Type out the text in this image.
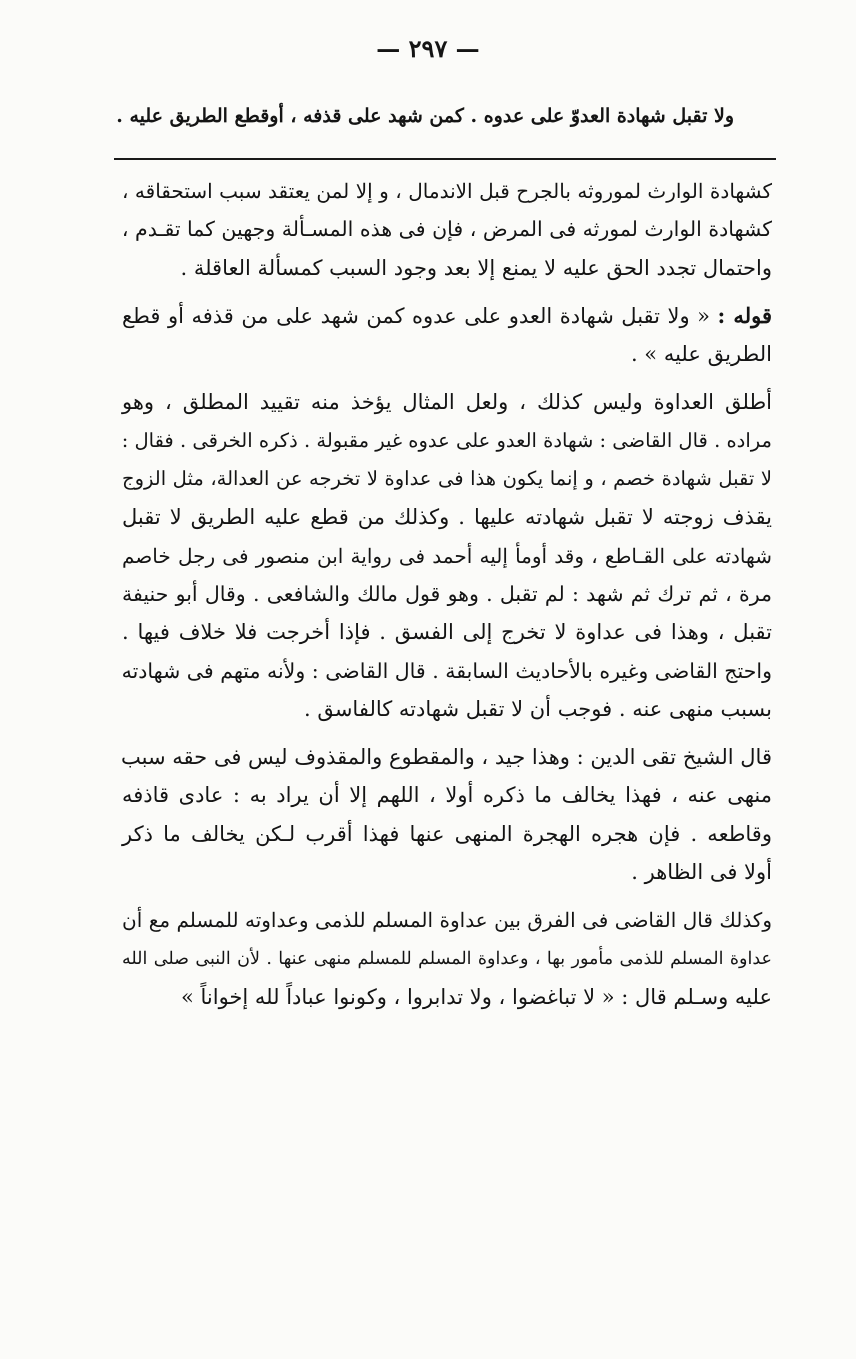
— ٢٩٧ —
ولا تقبل شهادة العدوّ على عدوه . كمن شهد على قذفه ، أوقطع الطريق عليه .

كشهادة الوارث لموروثه بالجرح قبل الاندمال ، و إلا لمن يعتقد سبب استحقاقه ،
كشهادة الوارث لمورثه فى المرض ، فإن فى هذه المسـألة وجهين كما تقـدم ،
واحتمال تجدد الحق عليه لا يمنع إلا بعد وجود السبب كمسألة العاقلة .

قوله : « ولا تقبل شهادة العدو على عدوه كمن شهد على من قذفه أو قطع
الطريق عليه » .

أطلق العداوة وليس كذلك ، ولعل المثال يؤخذ منه تقييد المطلق ، وهو
مراده . قال القاضى : شهادة العدو على عدوه غير مقبولة . ذكره الخرقى . فقال :
لا تقبل شهادة خصم ، و إنما يكون هذا فى عداوة لا تخرجه عن العدالة، مثل الزوج
يقذف زوجته لا تقبل شهادته عليها . وكذلك من قطع عليه الطريق لا تقبل
شهادته على القـاطع ، وقد أومأ إليه أحمد فى رواية ابن منصور فى رجل خاصم
مرة ، ثم ترك ثم شهد : لم تقبل . وهو قول مالك والشافعى . وقال أبو حنيفة
تقبل ، وهذا فى عداوة لا تخرج إلى الفسق . فإذا أخرجت فلا خلاف فيها .
واحتج القاضى وغيره بالأحاديث السابقة . قال القاضى : ولأنه متهم فى شهادته
بسبب منهى عنه . فوجب أن لا تقبل شهادته كالفاسق .

قال الشيخ تقى الدين : وهذا جيد ، والمقطوع والمقذوف ليس فى حقه سبب
منهى عنه ، فهذا يخالف ما ذكره أولا ، اللهم إلا أن يراد به : عادى قاذفه
وقاطعه . فإن هجره الهجرة المنهى عنها فهذا أقرب لـكن يخالف ما ذكر
أولا فى الظاهر .

وكذلك قال القاضى فى الفرق بين عداوة المسلم للذمى وعداوته للمسلم مع أن
عداوة المسلم للذمى مأمور بها ، وعداوة المسلم للمسلم منهى عنها . لأن النبى صلى الله
عليه وسـلم قال : « لا تباغضوا ، ولا تدابروا ، وكونوا عباداً لله إخواناً »
